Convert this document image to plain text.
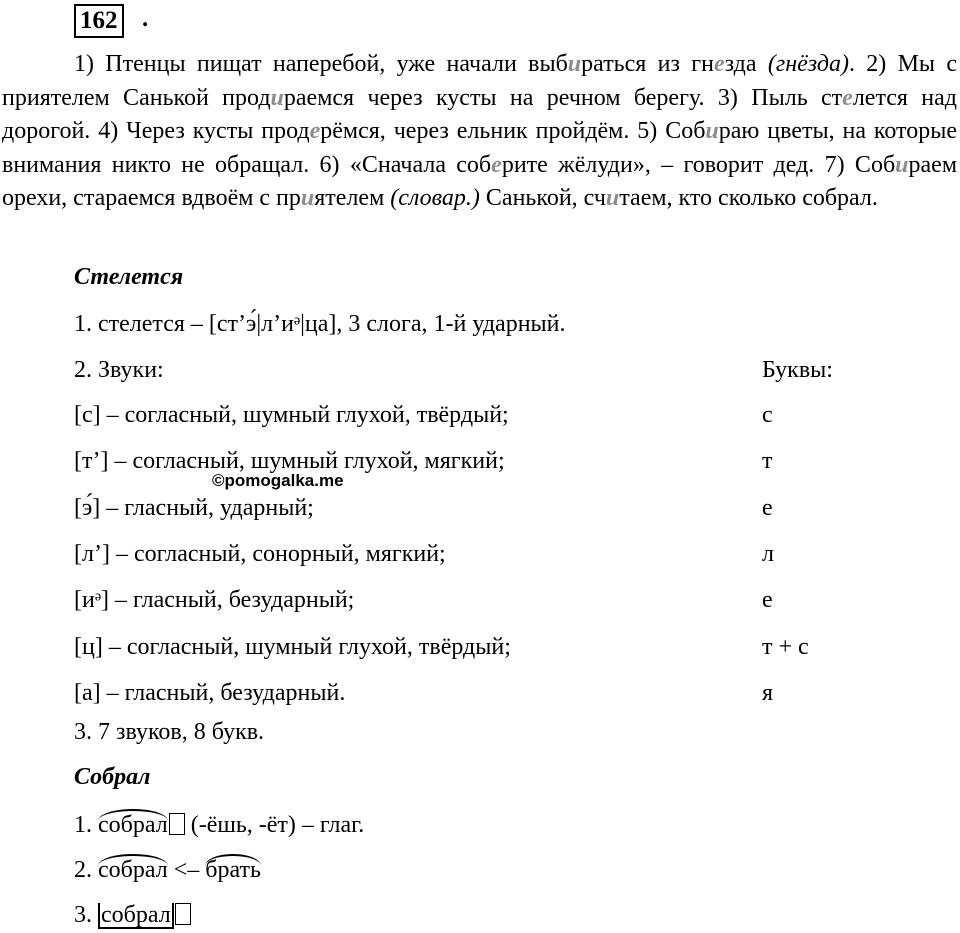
162 .

1) Птенцы пищат наперебой, уже начали выбираться из гнезда (гнёзда). 2) Мы с приятелем Санькой продираемся через кусты на речном берегу. 3) Пыль стелется над дорогой. 4) Через кусты продерёмся, через ельник пройдём. 5) Собираю цветы, на которые внимания никто не обращал. 6) «Сначала соберите жёлуди», – говорит дед. 7) Собираем орехи, стараемся вдвоём с приятелем (словар.) Санькой, считаем, кто сколько собрал.

Стелется
1. стелется – [ст’э́|л’иᵊ|ца], 3 слога, 1-й ударный.
2. Звуки:	Буквы:
[с] – согласный, шумный глухой, твёрдый;	с
[т’] – согласный, шумный глухой, мягкий;	т
[э́] – гласный, ударный;	е
[л’] – согласный, сонорный, мягкий;	л
[иᵊ] – гласный, безударный;	е
[ц] – согласный, шумный глухой, твёрдый;	т + с
[а] – гласный, безударный.	я
©pomogalka.me
3. 7 звуков, 8 букв.
Собрал
1. собрал (-ёшь, -ёт) – глаг.
2. собрал <– брать
3. собрал
